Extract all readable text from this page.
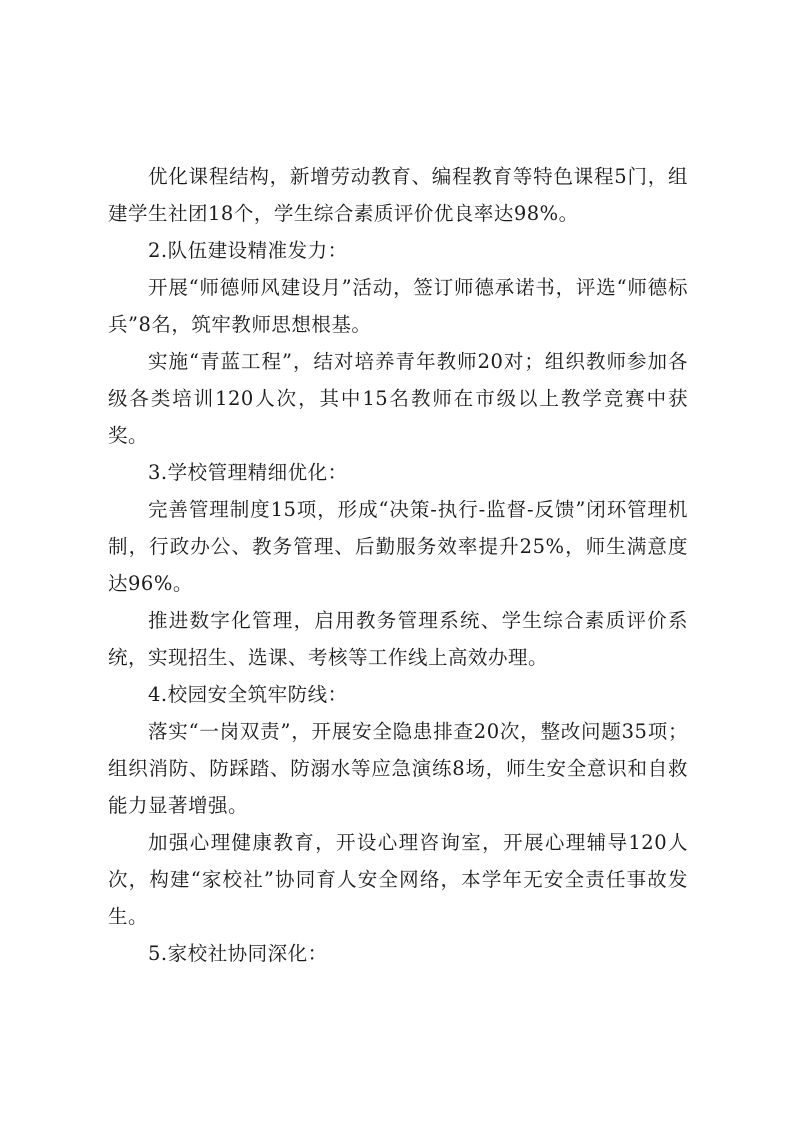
优化课程结构，新增劳动教育、编程教育等特色课程5门，组建学生社团18个，学生综合素质评价优良率达98%。

2.队伍建设精准发力：

开展“师德师风建设月”活动，签订师德承诺书，评选“师德标兵”8名，筑牢教师思想根基。

实施“青蓝工程”，结对培养青年教师20对；组织教师参加各级各类培训120人次，其中15名教师在市级以上教学竞赛中获奖。

3.学校管理精细优化：

完善管理制度15项，形成“决策-执行-监督-反馈”闭环管理机制，行政办公、教务管理、后勤服务效率提升25%，师生满意度达96%。

推进数字化管理，启用教务管理系统、学生综合素质评价系统，实现招生、选课、考核等工作线上高效办理。

4.校园安全筑牢防线：

落实“一岗双责”，开展安全隐患排查20次，整改问题35项；组织消防、防踩踏、防溺水等应急演练8场，师生安全意识和自救能力显著增强。

加强心理健康教育，开设心理咨询室，开展心理辅导120人次，构建“家校社”协同育人安全网络，本学年无安全责任事故发生。

5.家校社协同深化：
